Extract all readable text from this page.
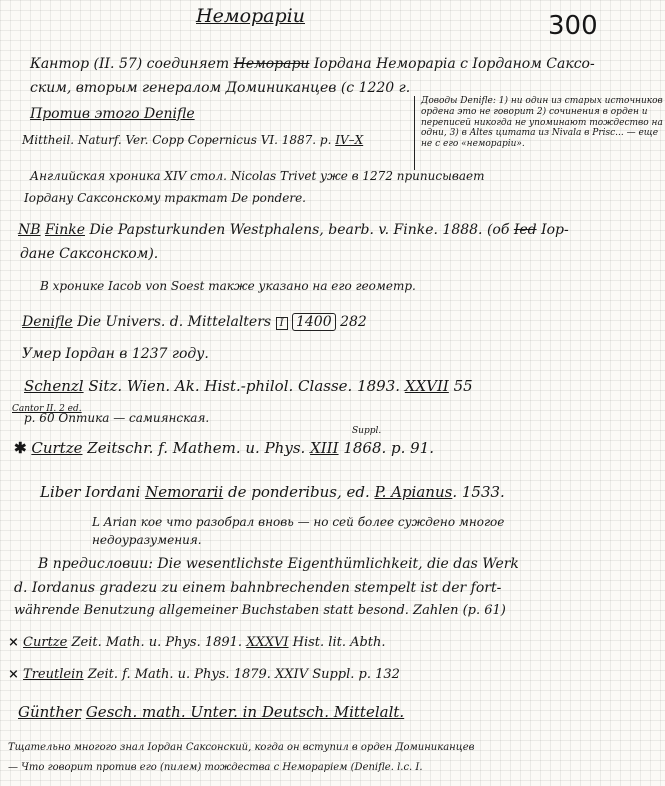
Немораріи	300
Кантор (II. 57) соединяет Неморари Іордана Немораріа с Іорданом Саксо-
ским, вторым генералом Доминиканцев (с 1220 г.
Против этого Denifle
Mittheil. Naturf. Ver. Copp Copernicus VI. 1887. p. IV–X
Доводы Denifle: 1) ни один из старых источников ордена это не говорит 2) сочинения в орден и переписей никогда не упоминают тождество на одни, 3) в Altes цитата из Nivala в Prisc... — еще не с его «немораріи».
Английская хроника XIV стол. Nicolas Trivet уже в 1272 приписывает
Іордану Саксонскому трактат De pondere.
NB Finke Die Papsturkunden Westphalens, bearb. v. Finke. 1888. (об Ied Іор-
дане Саксонском).
В хронике Iacob von Soest также указано на его геометр.
Denifle Die Univers. d. Mittelalters I 1400 282
Умер Іордан в 1237 году.
Schenzl Sitz. Wien. Ak. Hist.-philol. Classe. 1893. XXVII 55
Cantor II. 2 ed.
p. 60 Оптика — самиянская.
Suppl.
✱ Curtze Zeitschr. f. Mathem. u. Phys. XIII 1868. p. 91.
Liber Iordani Nemorarii de ponderibus, ed. P. Apianus. 1533.
L Arian кое что разобрал вновь — но сей более суждено многое
недоуразумения.
В предисловии: Die wesentlichste Eigenthümlichkeit, die das Werk
d. Iordanus gradezu zu einem bahnbrechenden stempelt ist der fort-
währende Benutzung allgemeiner Buchstaben statt besond. Zahlen (p. 61)
× Curtze Zeit. Math. u. Phys. 1891. XXXVI Hist. lit. Abth.
× Treutlein Zeit. f. Math. u. Phys. 1879. XXIV Suppl. p. 132
Günther Gesch. math. Unter. in Deutsch. Mittelalt.
Тщательно многого знал Іордан Саксонский, когда он вступил в орден Доминиканцев
— Что говорит против его (пилем) тождества с Немораріем (Denifle. l.c. I.
